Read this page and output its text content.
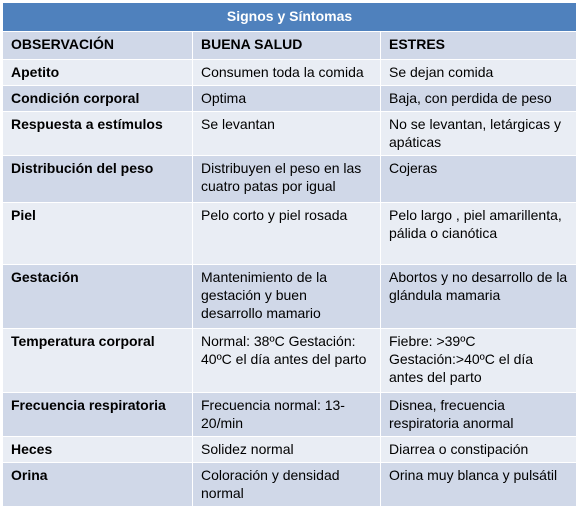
Signos y Síntomas		
OBSERVACIÓN	BUENA SALUD	ESTRES
Apetito	Consumen toda la comida	Se dejan comida
Condición corporal	Optima	Baja, con perdida de peso
Respuesta a estímulos	Se levantan	No se levantan, letárgicas y apáticas
Distribución del peso	Distribuyen el peso en las cuatro patas por igual	Cojeras
Piel	Pelo corto y piel rosada	Pelo largo , piel amarillenta, pálida o cianótica
Gestación	Mantenimiento de la gestación y buen desarrollo mamario	Abortos y no desarrollo de la glándula mamaria
Temperatura corporal	Normal: 38ºC Gestación: 40ºC el día antes del parto	Fiebre: >39ºC Gestación:>40ºC el día antes del parto
Frecuencia respiratoria	Frecuencia normal: 13-20/min	Disnea, frecuencia respiratoria anormal
Heces	Solidez normal	Diarrea o constipación
Orina	Coloración y densidad normal	Orina muy blanca y pulsátil
